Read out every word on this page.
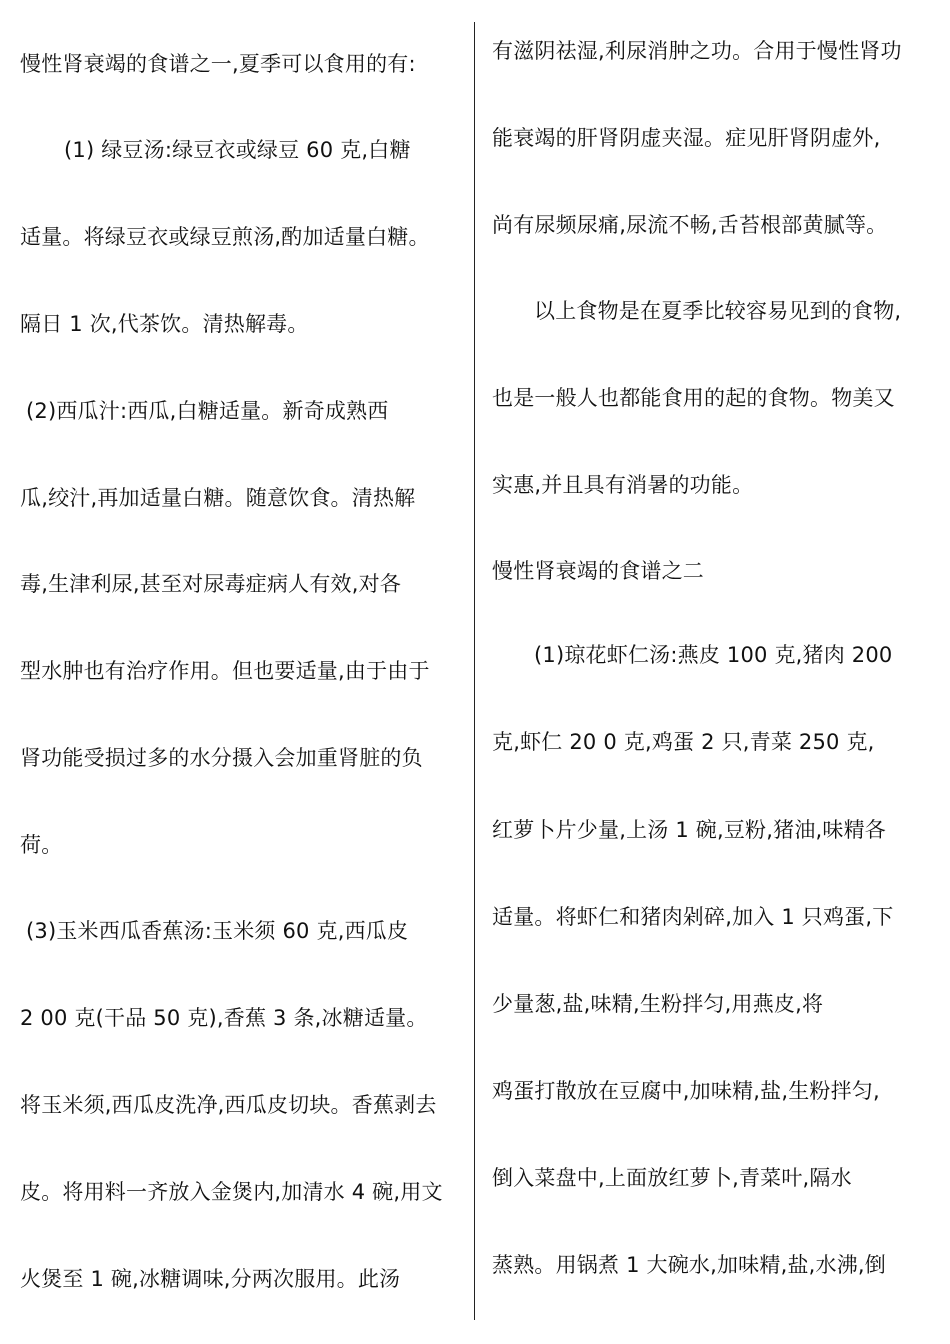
慢性肾衰竭的食谱之一,夏季可以食用的有:
(1) 绿豆汤:绿豆衣或绿豆 60 克,白糖
适量。将绿豆衣或绿豆煎汤,酌加适量白糖。
隔日 1 次,代茶饮。清热解毒。
(2)西瓜汁:西瓜,白糖适量。新奇成熟西
瓜,绞汁,再加适量白糖。随意饮食。清热解
毒,生津利尿,甚至对尿毒症病人有效,对各
型水肿也有治疗作用。但也要适量,由于由于
肾功能受损过多的水分摄入会加重肾脏的负
荷。
(3)玉米西瓜香蕉汤:玉米须 60 克,西瓜皮
2 00 克(干品 50 克),香蕉 3 条,冰糖适量。
将玉米须,西瓜皮洗净,西瓜皮切块。香蕉剥去
皮。将用料一齐放入金煲内,加清水 4 碗,用文
火煲至 1 碗,冰糖调味,分两次服用。此汤
有滋阴祛湿,利尿消肿之功。合用于慢性肾功
能衰竭的肝肾阴虚夹湿。症见肝肾阴虚外,
尚有尿频尿痛,尿流不畅,舌苔根部黄腻等。
以上食物是在夏季比较容易见到的食物,
也是一般人也都能食用的起的食物。物美又
实惠,并且具有消暑的功能。
慢性肾衰竭的食谱之二
(1)琼花虾仁汤:燕皮 100 克,猪肉 200
克,虾仁 20 0 克,鸡蛋 2 只,青菜 250 克,
红萝卜片少量,上汤 1 碗,豆粉,猪油,味精各
适量。将虾仁和猪肉剁碎,加入 1 只鸡蛋,下
少量葱,盐,味精,生粉拌匀,用燕皮,将
鸡蛋打散放在豆腐中,加味精,盐,生粉拌匀,
倒入菜盘中,上面放红萝卜,青菜叶,隔水
蒸熟。用锅煮 1 大碗水,加味精,盐,水沸,倒
